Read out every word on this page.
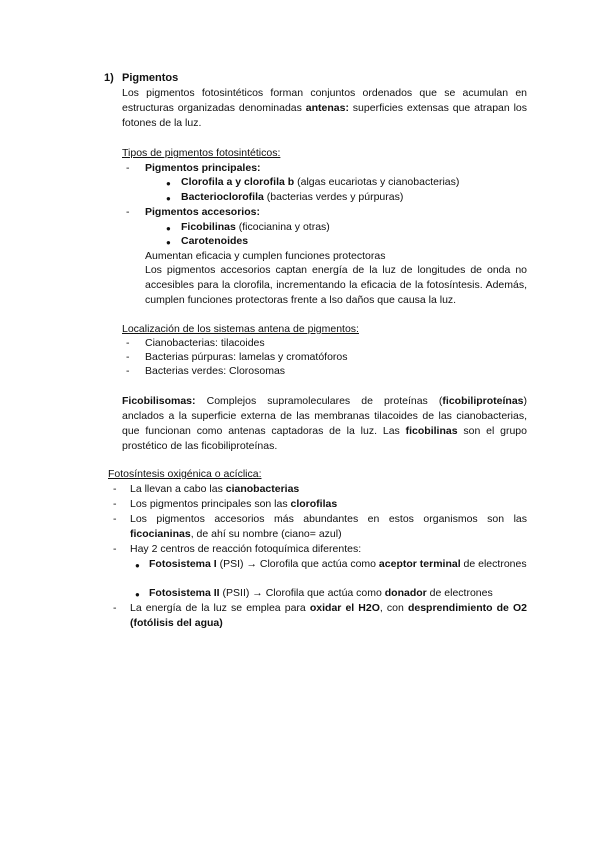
1) Pigmentos
Los pigmentos fotosintéticos forman conjuntos ordenados que se acumulan en estructuras organizadas denominadas antenas: superficies extensas que atrapan los fotones de la luz.
Tipos de pigmentos fotosintéticos:
- Pigmentos principales:
● Clorofila a y clorofila b (algas eucariotas y cianobacterias)
● Bacterioclorofila (bacterias verdes y púrpuras)
- Pigmentos accesorios:
● Ficobilinas (ficocianina y otras)
● Carotenoides
Aumentan eficacia y cumplen funciones protectoras
Los pigmentos accesorios captan energía de la luz de longitudes de onda no accesibles para la clorofila, incrementando la eficacia de la fotosíntesis. Además, cumplen funciones protectoras frente a lso daños que causa la luz.
Localización de los sistemas antena de pigmentos:
- Cianobacterias: tilacoides
- Bacterias púrpuras: lamelas y cromatóforos
- Bacterias verdes: Clorosomas
Ficobilisomas: Complejos supramoleculares de proteínas (ficobiliproteínas) anclados a la superficie externa de las membranas tilacoides de las cianobacterias, que funcionan como antenas captadoras de la luz. Las ficobilinas son el grupo prostético de las ficobiliproteínas.
Fotosíntesis oxigénica o acíclica:
- La llevan a cabo las cianobacterias
- Los pigmentos principales son las clorofilas
- Los pigmentos accesorios más abundantes en estos organismos son las ficocianinas, de ahí su nombre (ciano= azul)
- Hay 2 centros de reacción fotoquímica diferentes:
● Fotosistema I (PSI) → Clorofila que actúa como aceptor terminal de electrones
● Fotosistema II (PSII) → Clorofila que actúa como donador de electrones
- La energía de la luz se emplea para oxidar el H2O, con desprendimiento de O2 (fotólisis del agua)
